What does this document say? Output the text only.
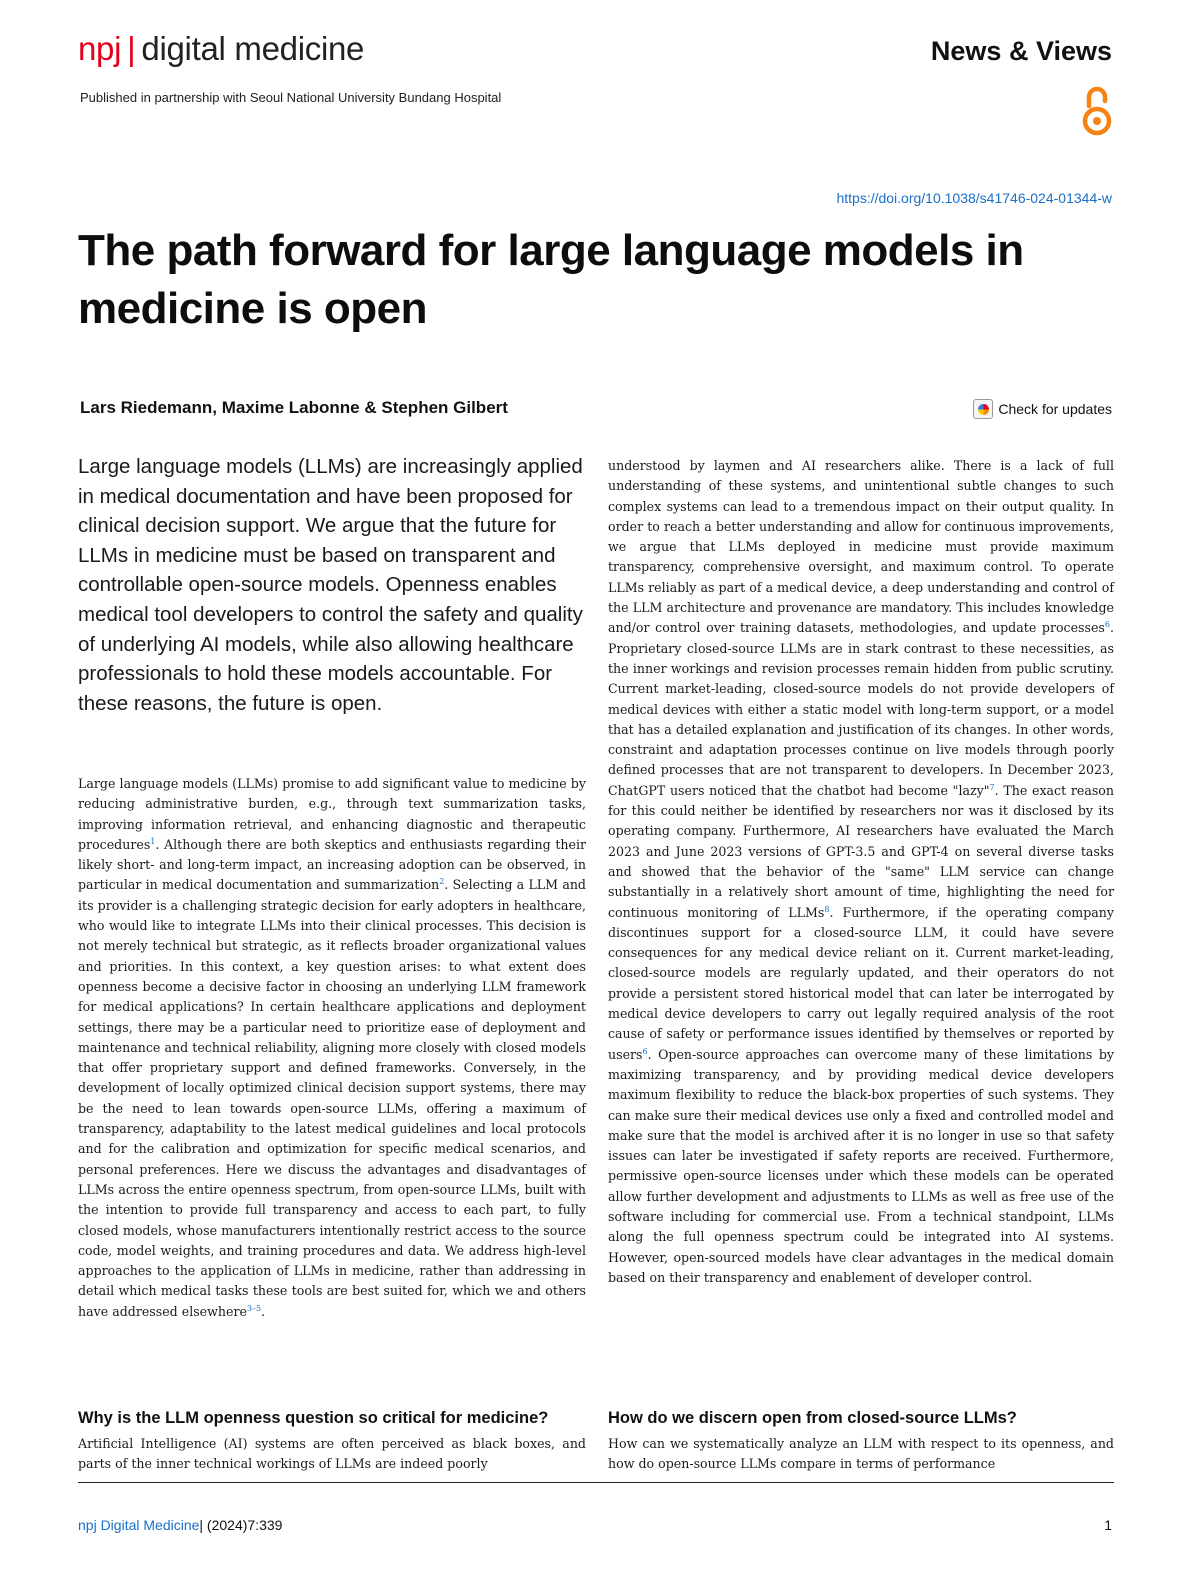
npj | digital medicine	News & Views
Published in partnership with Seoul National University Bundang Hospital
https://doi.org/10.1038/s41746-024-01344-w
The path forward for large language models in medicine is open
Lars Riedemann, Maxime Labonne & Stephen Gilbert	Check for updates

Large language models (LLMs) are increasingly applied in medical documentation and have been proposed for clinical decision support. We argue that the future for LLMs in medicine must be based on transparent and controllable open-source models. Openness enables medical tool developers to control the safety and quality of underlying AI models, while also allowing healthcare professionals to hold these models accountable. For these reasons, the future is open.

Large language models (LLMs) promise to add significant value to medicine by reducing administrative burden, e.g., through text summarization tasks, improving information retrieval, and enhancing diagnostic and therapeutic procedures$^1$. Although there are both skeptics and enthusiasts regarding their likely short- and long-term impact, an increasing adoption can be observed, in particular in medical documentation and summarization$^2$. Selecting a LLM and its provider is a challenging strategic decision for early adopters in healthcare, who would like to integrate LLMs into their clinical processes. This decision is not merely technical but strategic, as it reflects broader organizational values and priorities. In this context, a key question arises: to what extent does openness become a decisive factor in choosing an underlying LLM framework for medical applications? In certain healthcare applications and deployment settings, there may be a particular need to prioritize ease of deployment and maintenance and technical reliability, aligning more closely with closed models that offer proprietary support and defined frameworks. Conversely, in the development of locally optimized clinical decision support systems, there may be the need to lean towards open-source LLMs, offering a maximum of transparency, adaptability to the latest medical guidelines and local protocols and for the calibration and optimization for specific medical scenarios, and personal preferences. Here we discuss the advantages and disadvantages of LLMs across the entire openness spectrum, from open-source LLMs, built with the intention to provide full transparency and access to each part, to fully closed models, whose manufacturers intentionally restrict access to the source code, model weights, and training procedures and data. We address high-level approaches to the application of LLMs in medicine, rather than addressing in detail which medical tasks these tools are best suited for, which we and others have addressed elsewhere$^{3-5}$.

understood by laymen and AI researchers alike. There is a lack of full understanding of these systems, and unintentional subtle changes to such complex systems can lead to a tremendous impact on their output quality. In order to reach a better understanding and allow for continuous improvements, we argue that LLMs deployed in medicine must provide maximum transparency, comprehensive oversight, and maximum control. To operate LLMs reliably as part of a medical device, a deep understanding and control of the LLM architecture and provenance are mandatory. This includes knowledge and/or control over training datasets, methodologies, and update processes$^6$. Proprietary closed-source LLMs are in stark contrast to these necessities, as the inner workings and revision processes remain hidden from public scrutiny. Current market-leading, closed-source models do not provide developers of medical devices with either a static model with long-term support, or a model that has a detailed explanation and justification of its changes. In other words, constraint and adaptation processes continue on live models through poorly defined processes that are not transparent to developers. In December 2023, ChatGPT users noticed that the chatbot had become "lazy"$^7$. The exact reason for this could neither be identified by researchers nor was it disclosed by its operating company. Furthermore, AI researchers have evaluated the March 2023 and June 2023 versions of GPT-3.5 and GPT-4 on several diverse tasks and showed that the behavior of the "same" LLM service can change substantially in a relatively short amount of time, highlighting the need for continuous monitoring of LLMs$^8$. Furthermore, if the operating company discontinues support for a closed-source LLM, it could have severe consequences for any medical device reliant on it. Current market-leading, closed-source models are regularly updated, and their operators do not provide a persistent stored historical model that can later be interrogated by medical device developers to carry out legally required analysis of the root cause of safety or performance issues identified by themselves or reported by users$^6$. Open-source approaches can overcome many of these limitations by maximizing transparency, and by providing medical device developers maximum flexibility to reduce the black-box properties of such systems. They can make sure their medical devices use only a fixed and controlled model and make sure that the model is archived after it is no longer in use so that safety issues can later be investigated if safety reports are received. Furthermore, permissive open-source licenses under which these models can be operated allow further development and adjustments to LLMs as well as free use of the software including for commercial use. From a technical standpoint, LLMs along the full openness spectrum could be integrated into AI systems. However, open-sourced models have clear advantages in the medical domain based on their transparency and enablement of developer control.

Why is the LLM openness question so critical for medicine?

Artificial Intelligence (AI) systems are often perceived as black boxes, and parts of the inner technical workings of LLMs are indeed poorly

How do we discern open from closed-source LLMs?

How can we systematically analyze an LLM with respect to its openness, and how do open-source LLMs compare in terms of performance

npj Digital Medicine| (2024)7:339	1
